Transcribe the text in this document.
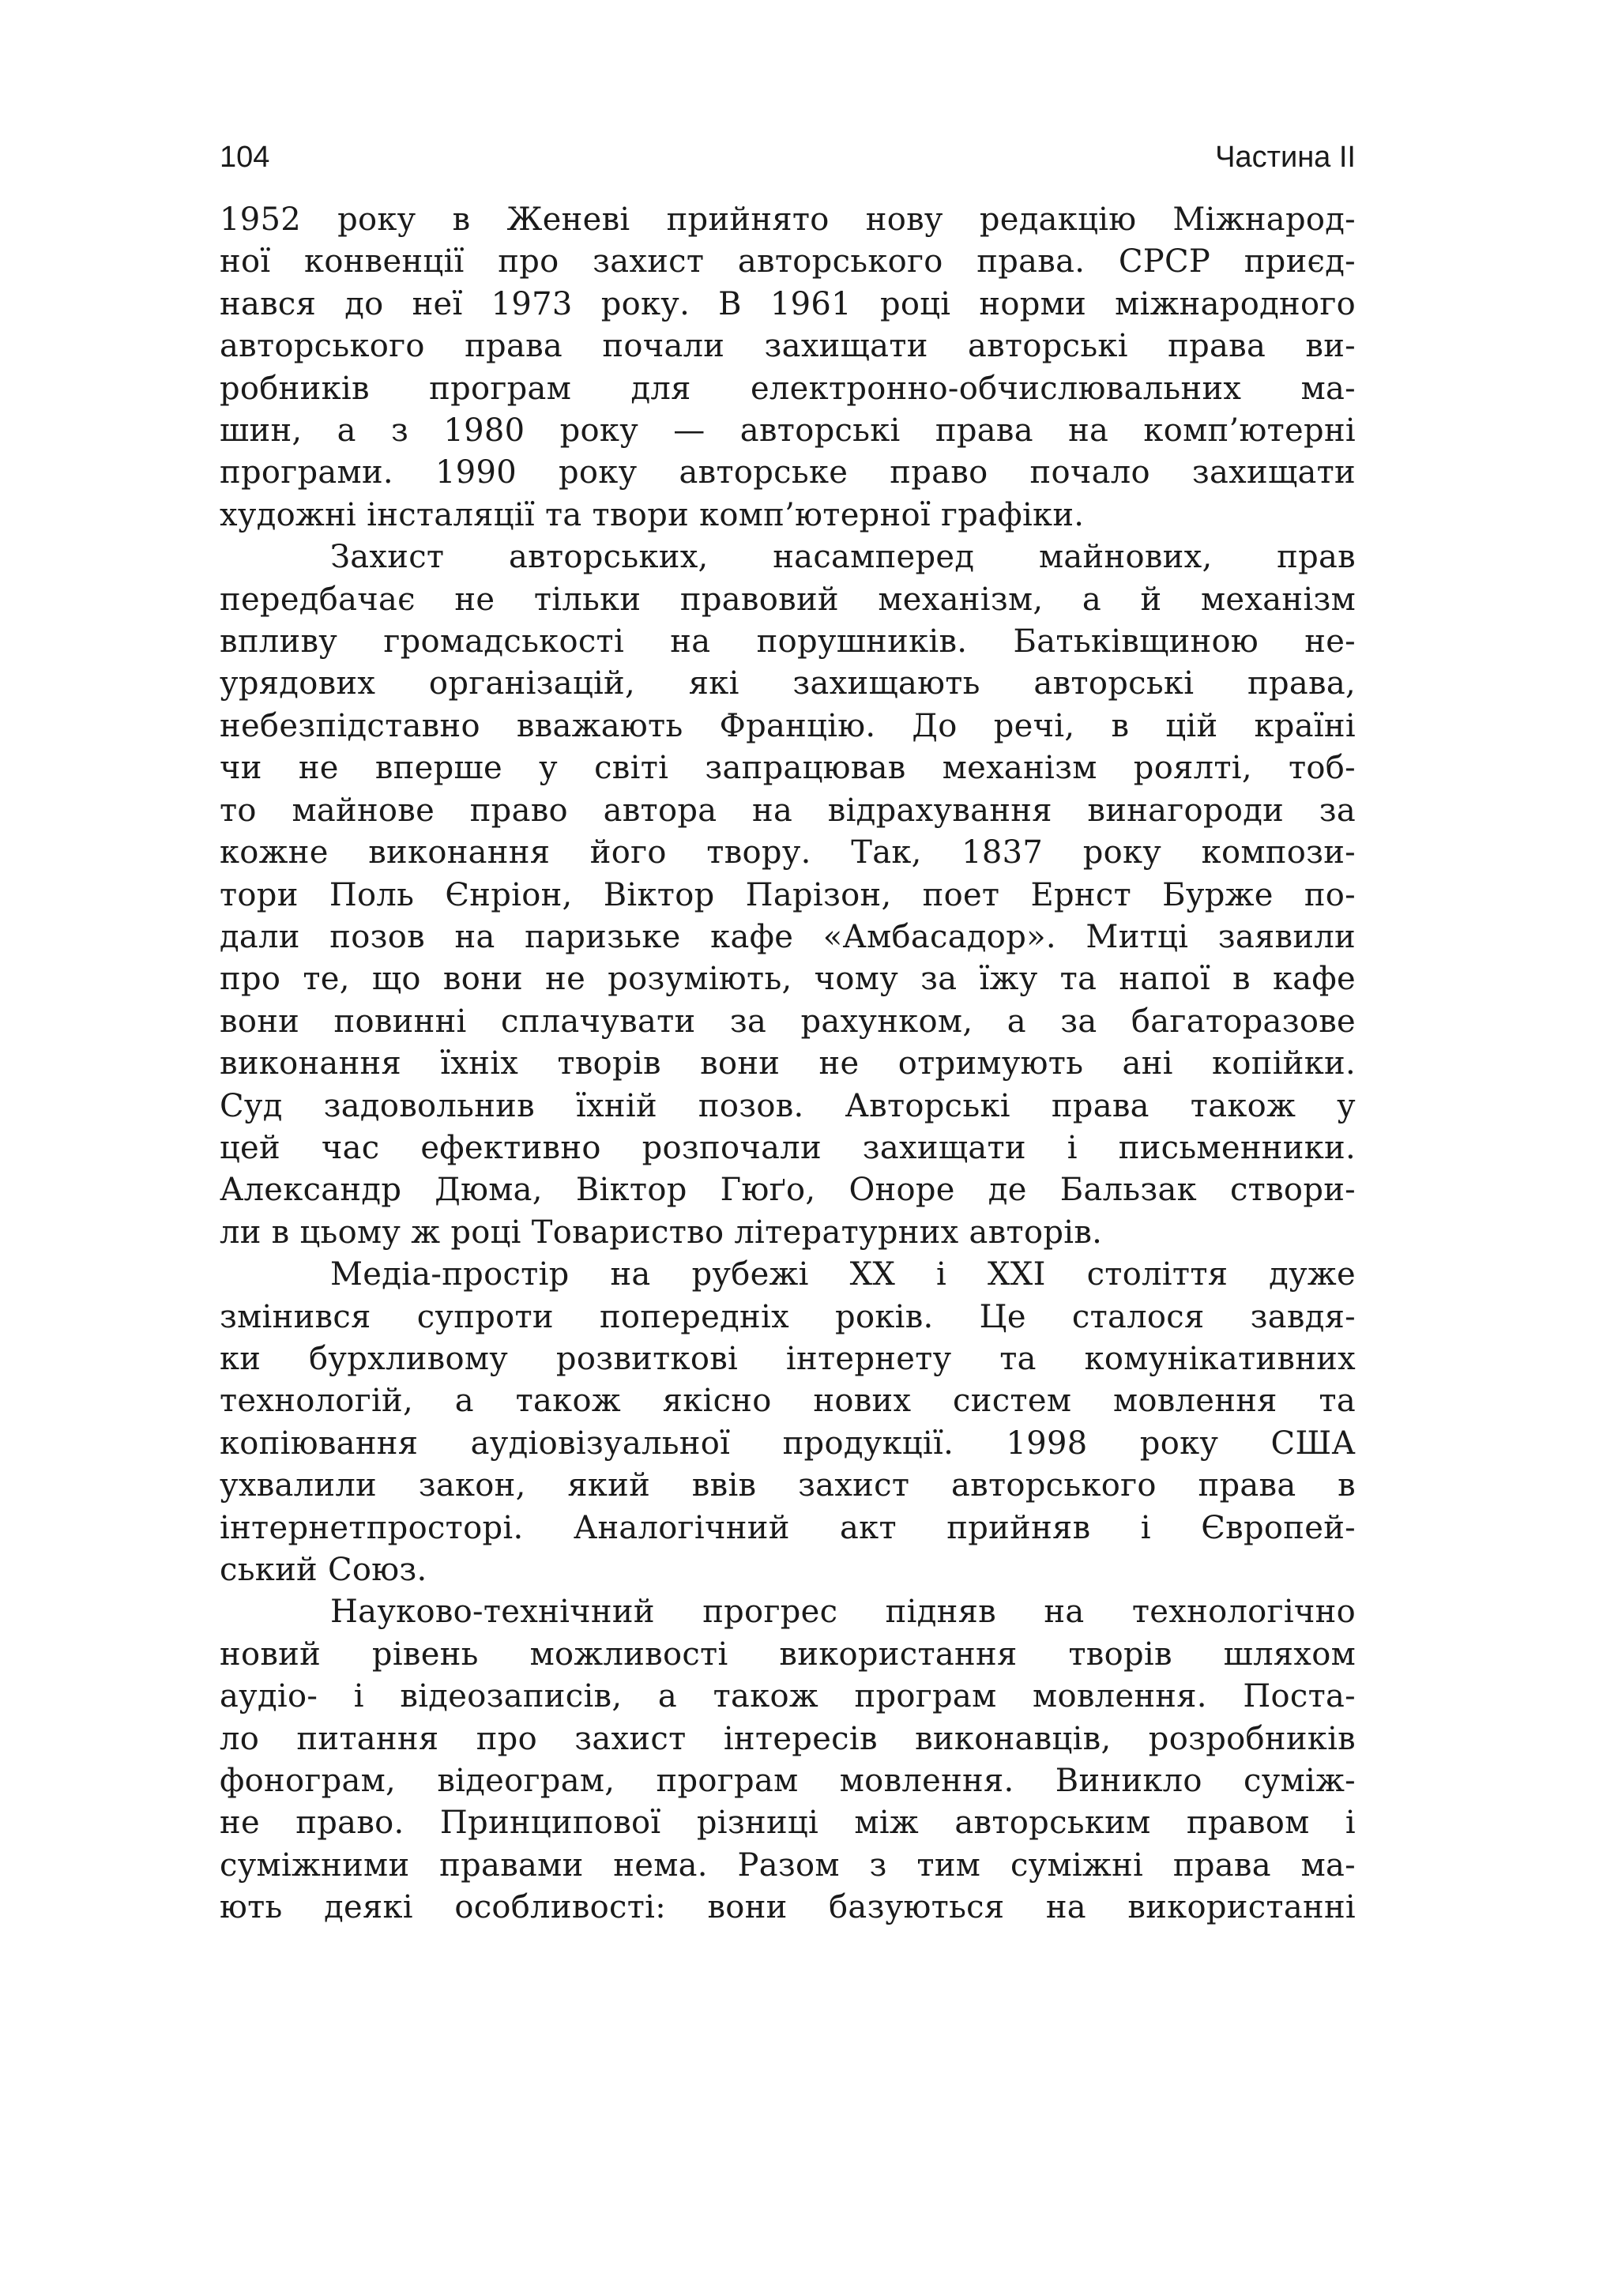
104	Частина ІІ

1952 року в Женеві прийнято нову редакцію Міжнарод-
ної конвенції про захист авторського права. СРСР приєд-
нався до неї 1973 року. В 1961 році норми міжнародного
авторського права почали захищати авторські права ви-
робників програм для електронно-обчислювальних ма-
шин, а з 1980 року — авторські права на комп’ютерні
програми. 1990 року авторське право почало захищати
художні інсталяції та твори комп’ютерної графіки.

Захист авторських, насамперед майнових, прав
передбачає не тільки правовий механізм, а й механізм
впливу громадськості на порушників. Батьківщиною не-
урядових організацій, які захищають авторські права,
небезпідставно вважають Францію. До речі, в цій країні
чи не вперше у світі запрацював механізм роялті, тоб-
то майнове право автора на відрахування винагороди за
кожне виконання його твору. Так, 1837 року компози-
тори Поль Єнріон, Віктор Парізон, поет Ернст Бурже по-
дали позов на паризьке кафе «Амбасадор». Митці заявили
про те, що вони не розуміють, чому за їжу та напої в кафе
вони повинні сплачувати за рахунком, а за багаторазове
виконання їхніх творів вони не отримують ані копійки.
Суд задовольнив їхній позов. Авторські права також у
цей час ефективно розпочали захищати і письменники.
Александр Дюма, Віктор Гюґо, Оноре де Бальзак створи-
ли в цьому ж році Товариство літературних авторів.

Медіа-простір на рубежі ХХ і ХХІ століття дуже
змінився супроти попередніх років. Це сталося завдя-
ки бурхливому розвиткові інтернету та комунікативних
технологій, а також якісно нових систем мовлення та
копіювання аудіовізуальної продукції. 1998 року США
ухвалили закон, який ввів захист авторського права в
інтернетпросторі. Аналогічний акт прийняв і Європей-
ський Союз.

Науково-технічний прогрес підняв на технологічно
новий рівень можливості використання творів шляхом
аудіо- і відеозаписів, а також програм мовлення. Поста-
ло питання про захист інтересів виконавців, розробників
фонограм, відеограм, програм мовлення. Виникло суміж-
не право. Принципової різниці між авторським правом і
суміжними правами нема. Разом з тим суміжні права ма-
ють деякі особливості: вони базуються на використанні
